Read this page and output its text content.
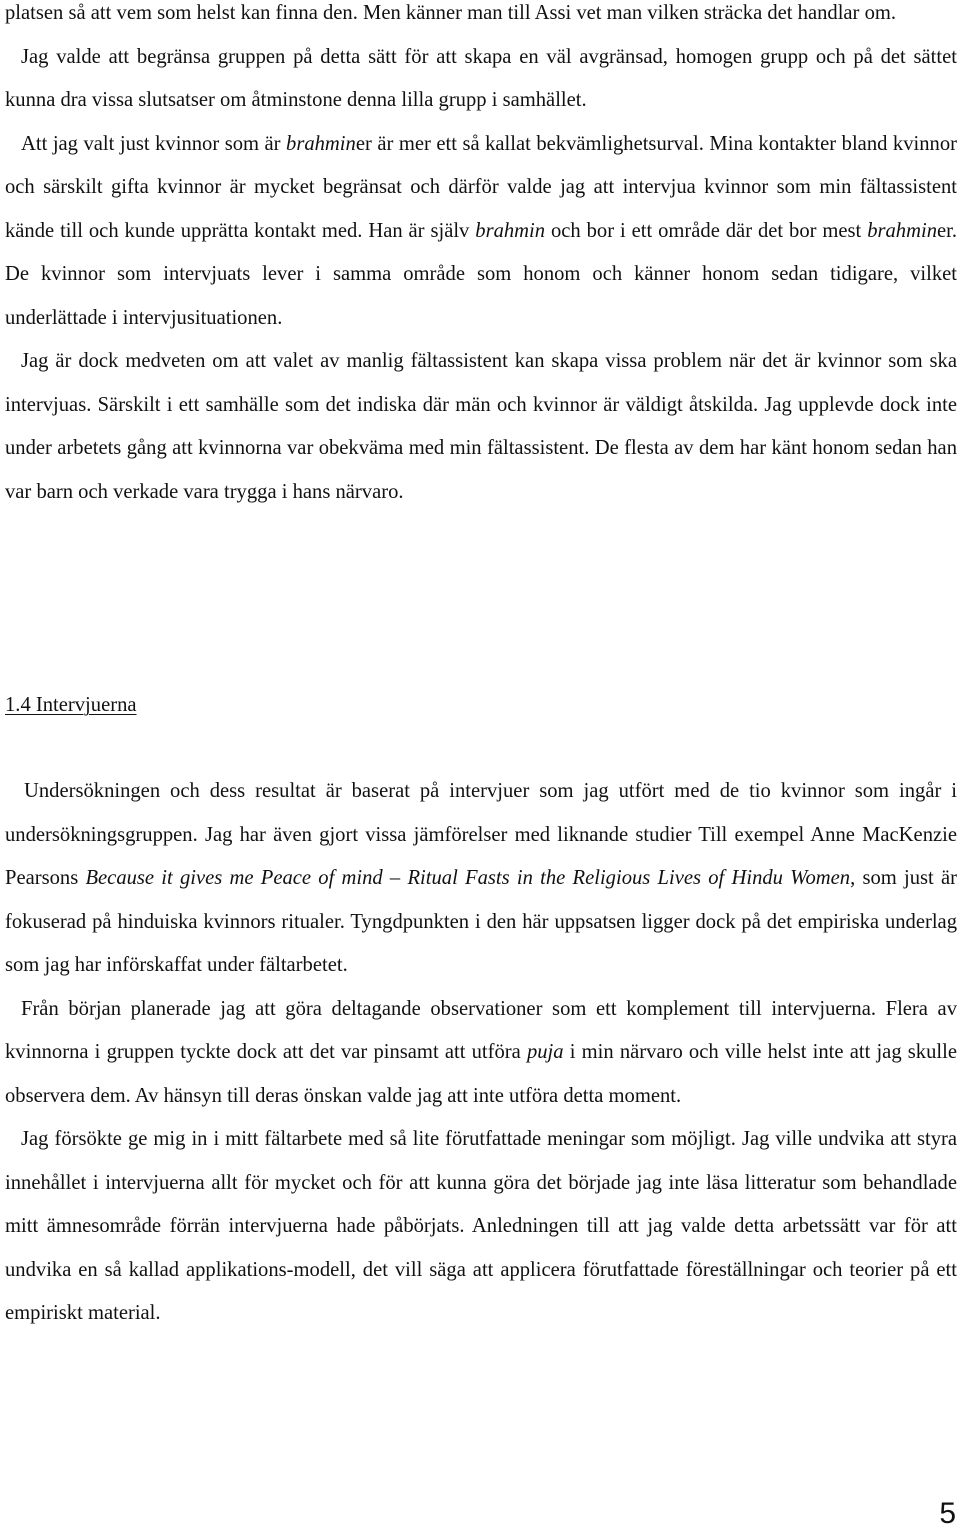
platsen så att vem som helst kan finna den. Men känner man till Assi vet man vilken sträcka det handlar om.

Jag valde att begränsa gruppen på detta sätt för att skapa en väl avgränsad, homogen grupp och på det sättet kunna dra vissa slutsatser om åtminstone denna lilla grupp i samhället.

Att jag valt just kvinnor som är brahminer är mer ett så kallat bekvämlighetsurval. Mina kontakter bland kvinnor och särskilt gifta kvinnor är mycket begränsat och därför valde jag att intervjua kvinnor som min fältassistent kände till och kunde upprätta kontakt med. Han är själv brahmin och bor i ett område där det bor mest brahminer. De kvinnor som intervjuats lever i samma område som honom och känner honom sedan tidigare, vilket underlättade i intervjusituationen.

Jag är dock medveten om att valet av manlig fältassistent kan skapa vissa problem när det är kvinnor som ska intervjuas. Särskilt i ett samhälle som det indiska där män och kvinnor är väldigt åtskilda. Jag upplevde dock inte under arbetets gång att kvinnorna var obekväma med min fältassistent. De flesta av dem har känt honom sedan han var barn och verkade vara trygga i hans närvaro.

1.4 Intervjuerna

Undersökningen och dess resultat är baserat på intervjuer som jag utfört med de tio kvinnor som ingår i undersökningsgruppen. Jag har även gjort vissa jämförelser med liknande studier Till exempel Anne MacKenzie Pearsons Because it gives me Peace of mind – Ritual Fasts in the Religious Lives of Hindu Women, som just är fokuserad på hinduiska kvinnors ritualer. Tyngdpunkten i den här uppsatsen ligger dock på det empiriska underlag som jag har införskaffat under fältarbetet.

Från början planerade jag att göra deltagande observationer som ett komplement till intervjuerna. Flera av kvinnorna i gruppen tyckte dock att det var pinsamt att utföra puja i min närvaro och ville helst inte att jag skulle observera dem. Av hänsyn till deras önskan valde jag att inte utföra detta moment.

Jag försökte ge mig in i mitt fältarbete med så lite förutfattade meningar som möjligt. Jag ville undvika att styra innehållet i intervjuerna allt för mycket och för att kunna göra det började jag inte läsa litteratur som behandlade mitt ämnesområde förrän intervjuerna hade påbörjats. Anledningen till att jag valde detta arbetssätt var för att undvika en så kallad applikations-modell, det vill säga att applicera förutfattade föreställningar och teorier på ett empiriskt material.

5
